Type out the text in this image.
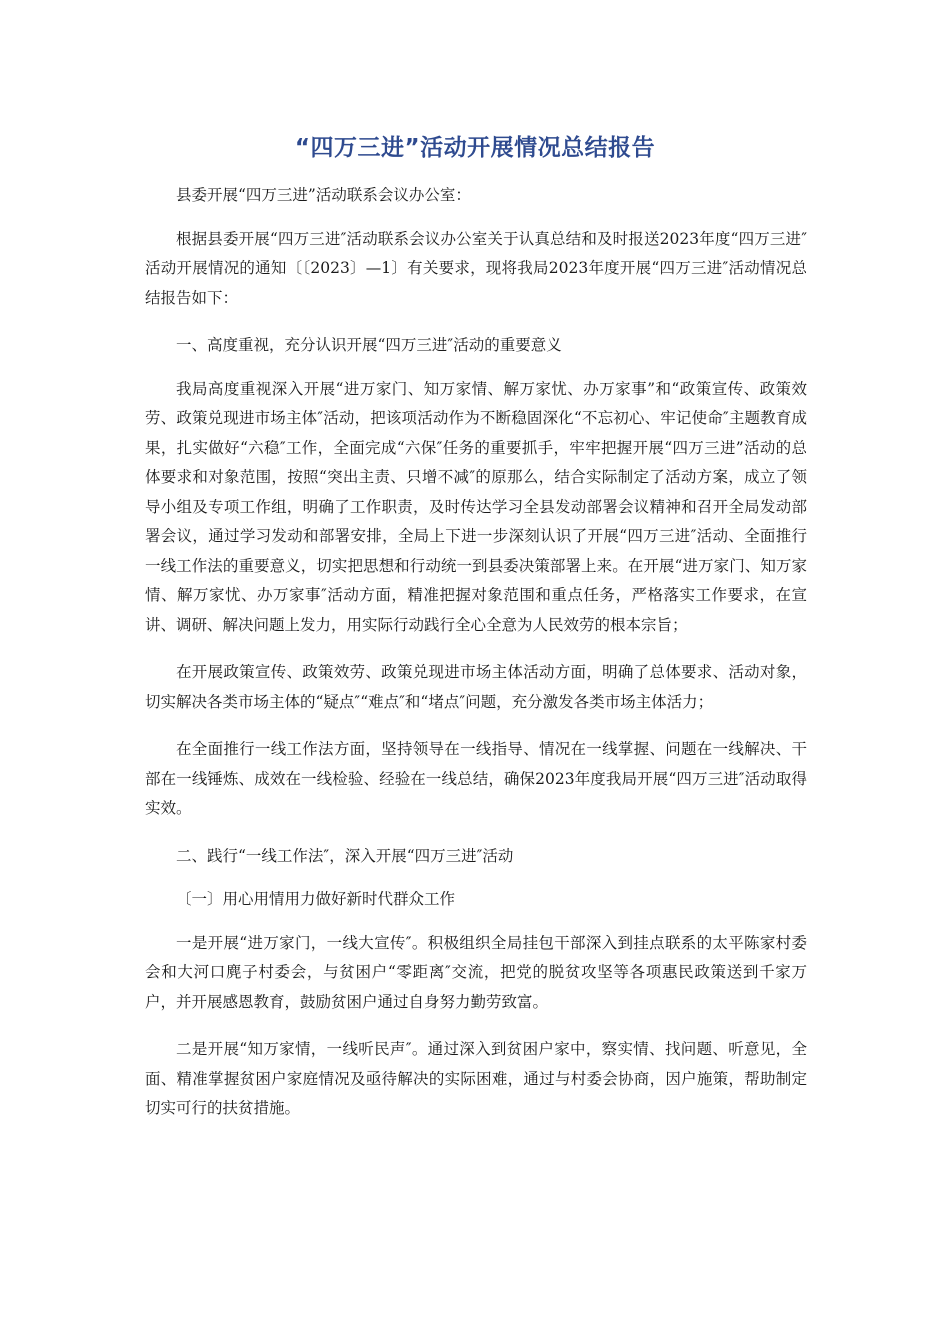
“四万三进”活动开展情况总结报告

县委开展“四万三进”活动联系会议办公室：

根据县委开展“四万三进″活动联系会议办公室关于认真总结和及时报送2023年度“四万三进″活动开展情况的通知〔〔2023〕—1〕有关要求，现将我局2023年度开展“四万三进″活动情况总结报告如下：

一、高度重视，充分认识开展“四万三进″活动的重要意义

我局高度重视深入开展“进万家门、知万家情、解万家忧、办万家事”和“政策宣传、政策效劳、政策兑现进市场主体″活动，把该项活动作为不断稳固深化“不忘初心、牢记使命″主题教育成果，扎实做好“六稳″工作，全面完成“六保″任务的重要抓手，牢牢把握开展“四万三进”活动的总体要求和对象范围，按照“突出主责、只增不减″的原那么，结合实际制定了活动方案，成立了领导小组及专项工作组，明确了工作职责，及时传达学习全县发动部署会议精神和召开全局发动部署会议，通过学习发动和部署安排，全局上下进一步深刻认识了开展“四万三进″活动、全面推行一线工作法的重要意义，切实把思想和行动统一到县委决策部署上来。在开展“进万家门、知万家情、解万家忧、办万家事″活动方面，精准把握对象范围和重点任务，严格落实工作要求，在宣讲、调研、解决问题上发力，用实际行动践行全心全意为人民效劳的根本宗旨；

在开展政策宣传、政策效劳、政策兑现进市场主体活动方面，明确了总体要求、活动对象，切实解决各类市场主体的“疑点″“难点″和“堵点″问题，充分激发各类市场主体活力；

在全面推行一线工作法方面，坚持领导在一线指导、情况在一线掌握、问题在一线解决、干部在一线锤炼、成效在一线检验、经验在一线总结，确保2023年度我局开展“四万三进″活动取得实效。

二、践行“一线工作法″，深入开展“四万三进″活动

〔一〕用心用情用力做好新时代群众工作

一是开展“进万家门，一线大宣传″。积极组织全局挂包干部深入到挂点联系的太平陈家村委会和大河口麂子村委会，与贫困户“零距离″交流，把党的脱贫攻坚等各项惠民政策送到千家万户，并开展感恩教育，鼓励贫困户通过自身努力勤劳致富。

二是开展“知万家情，一线听民声″。通过深入到贫困户家中，察实情、找问题、听意见，全面、精准掌握贫困户家庭情况及亟待解决的实际困难，通过与村委会协商，因户施策，帮助制定切实可行的扶贫措施。
